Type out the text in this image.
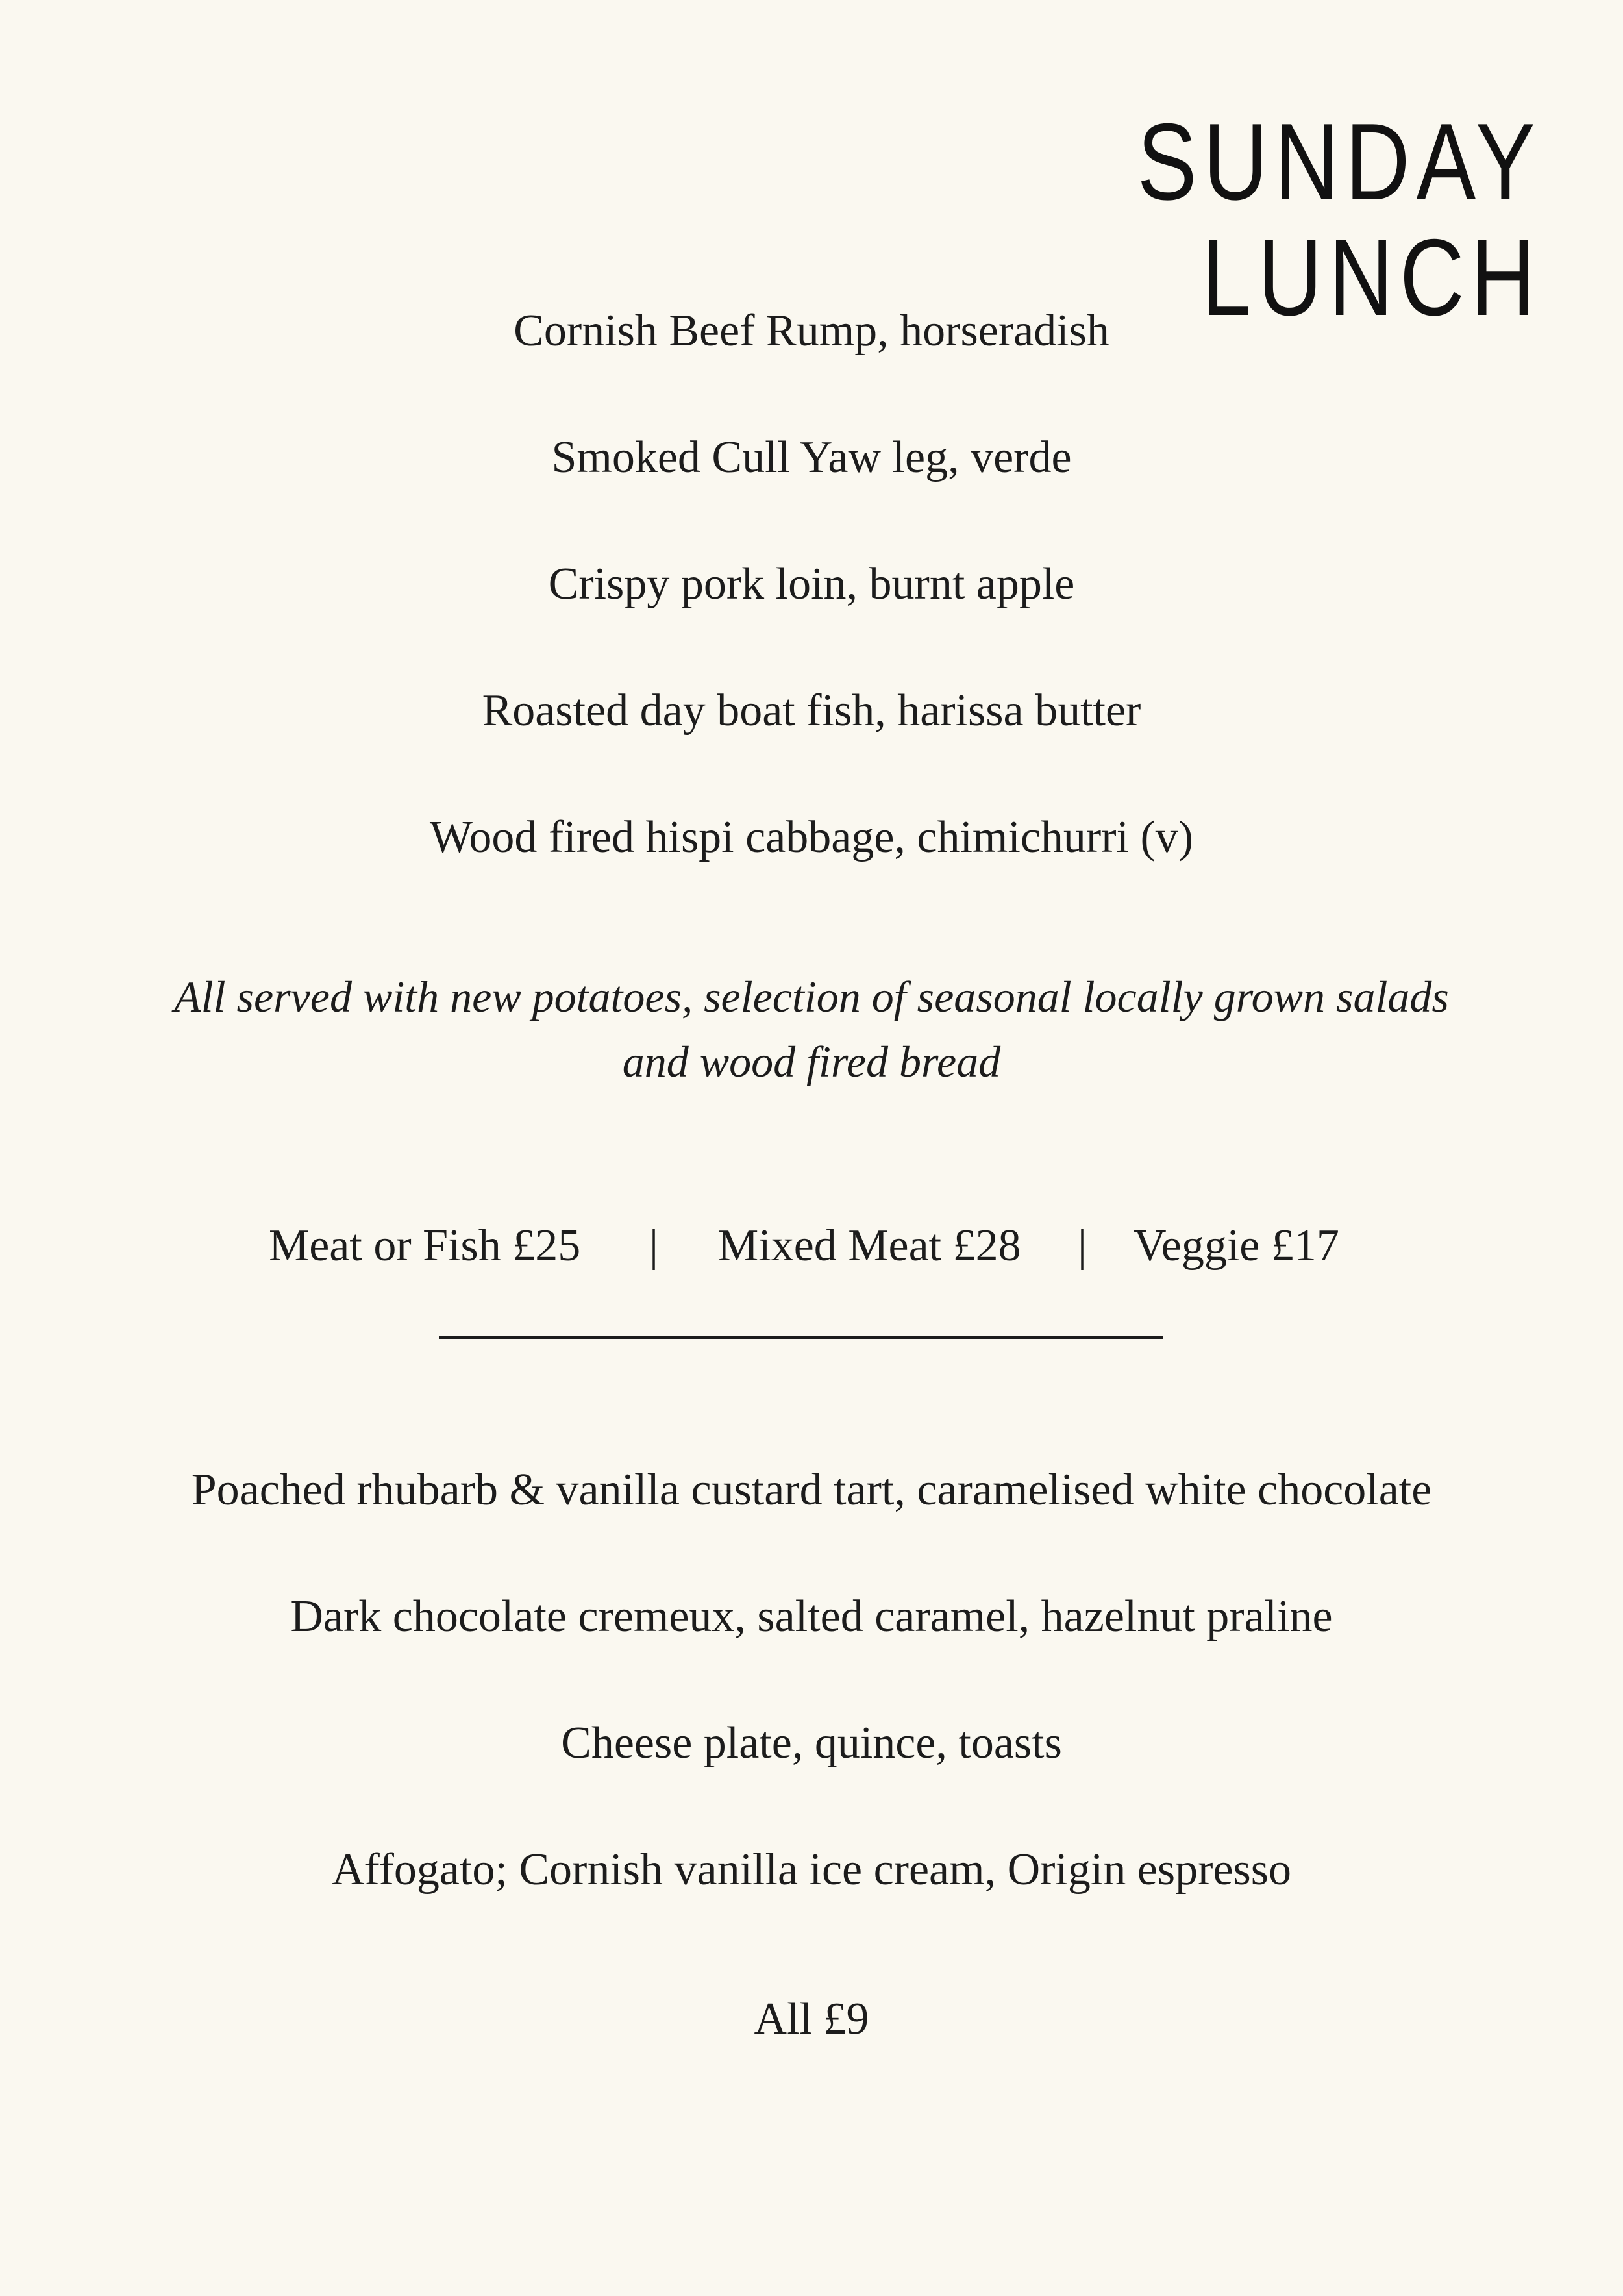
SUNDAY
LUNCH
Cornish Beef Rump, horseradish
Smoked Cull Yaw leg, verde
Crispy pork loin, burnt apple
Roasted day boat fish, harissa butter
Wood fired hispi cabbage, chimichurri (v)
All served with new potatoes, selection of seasonal locally grown salads
and wood fired bread
Meat or Fish £25 | Mixed Meat £28 | Veggie £17
Poached rhubarb & vanilla custard tart, caramelised white chocolate
Dark chocolate cremeux, salted caramel, hazelnut praline
Cheese plate, quince, toasts
Affogato; Cornish vanilla ice cream, Origin espresso
All £9
